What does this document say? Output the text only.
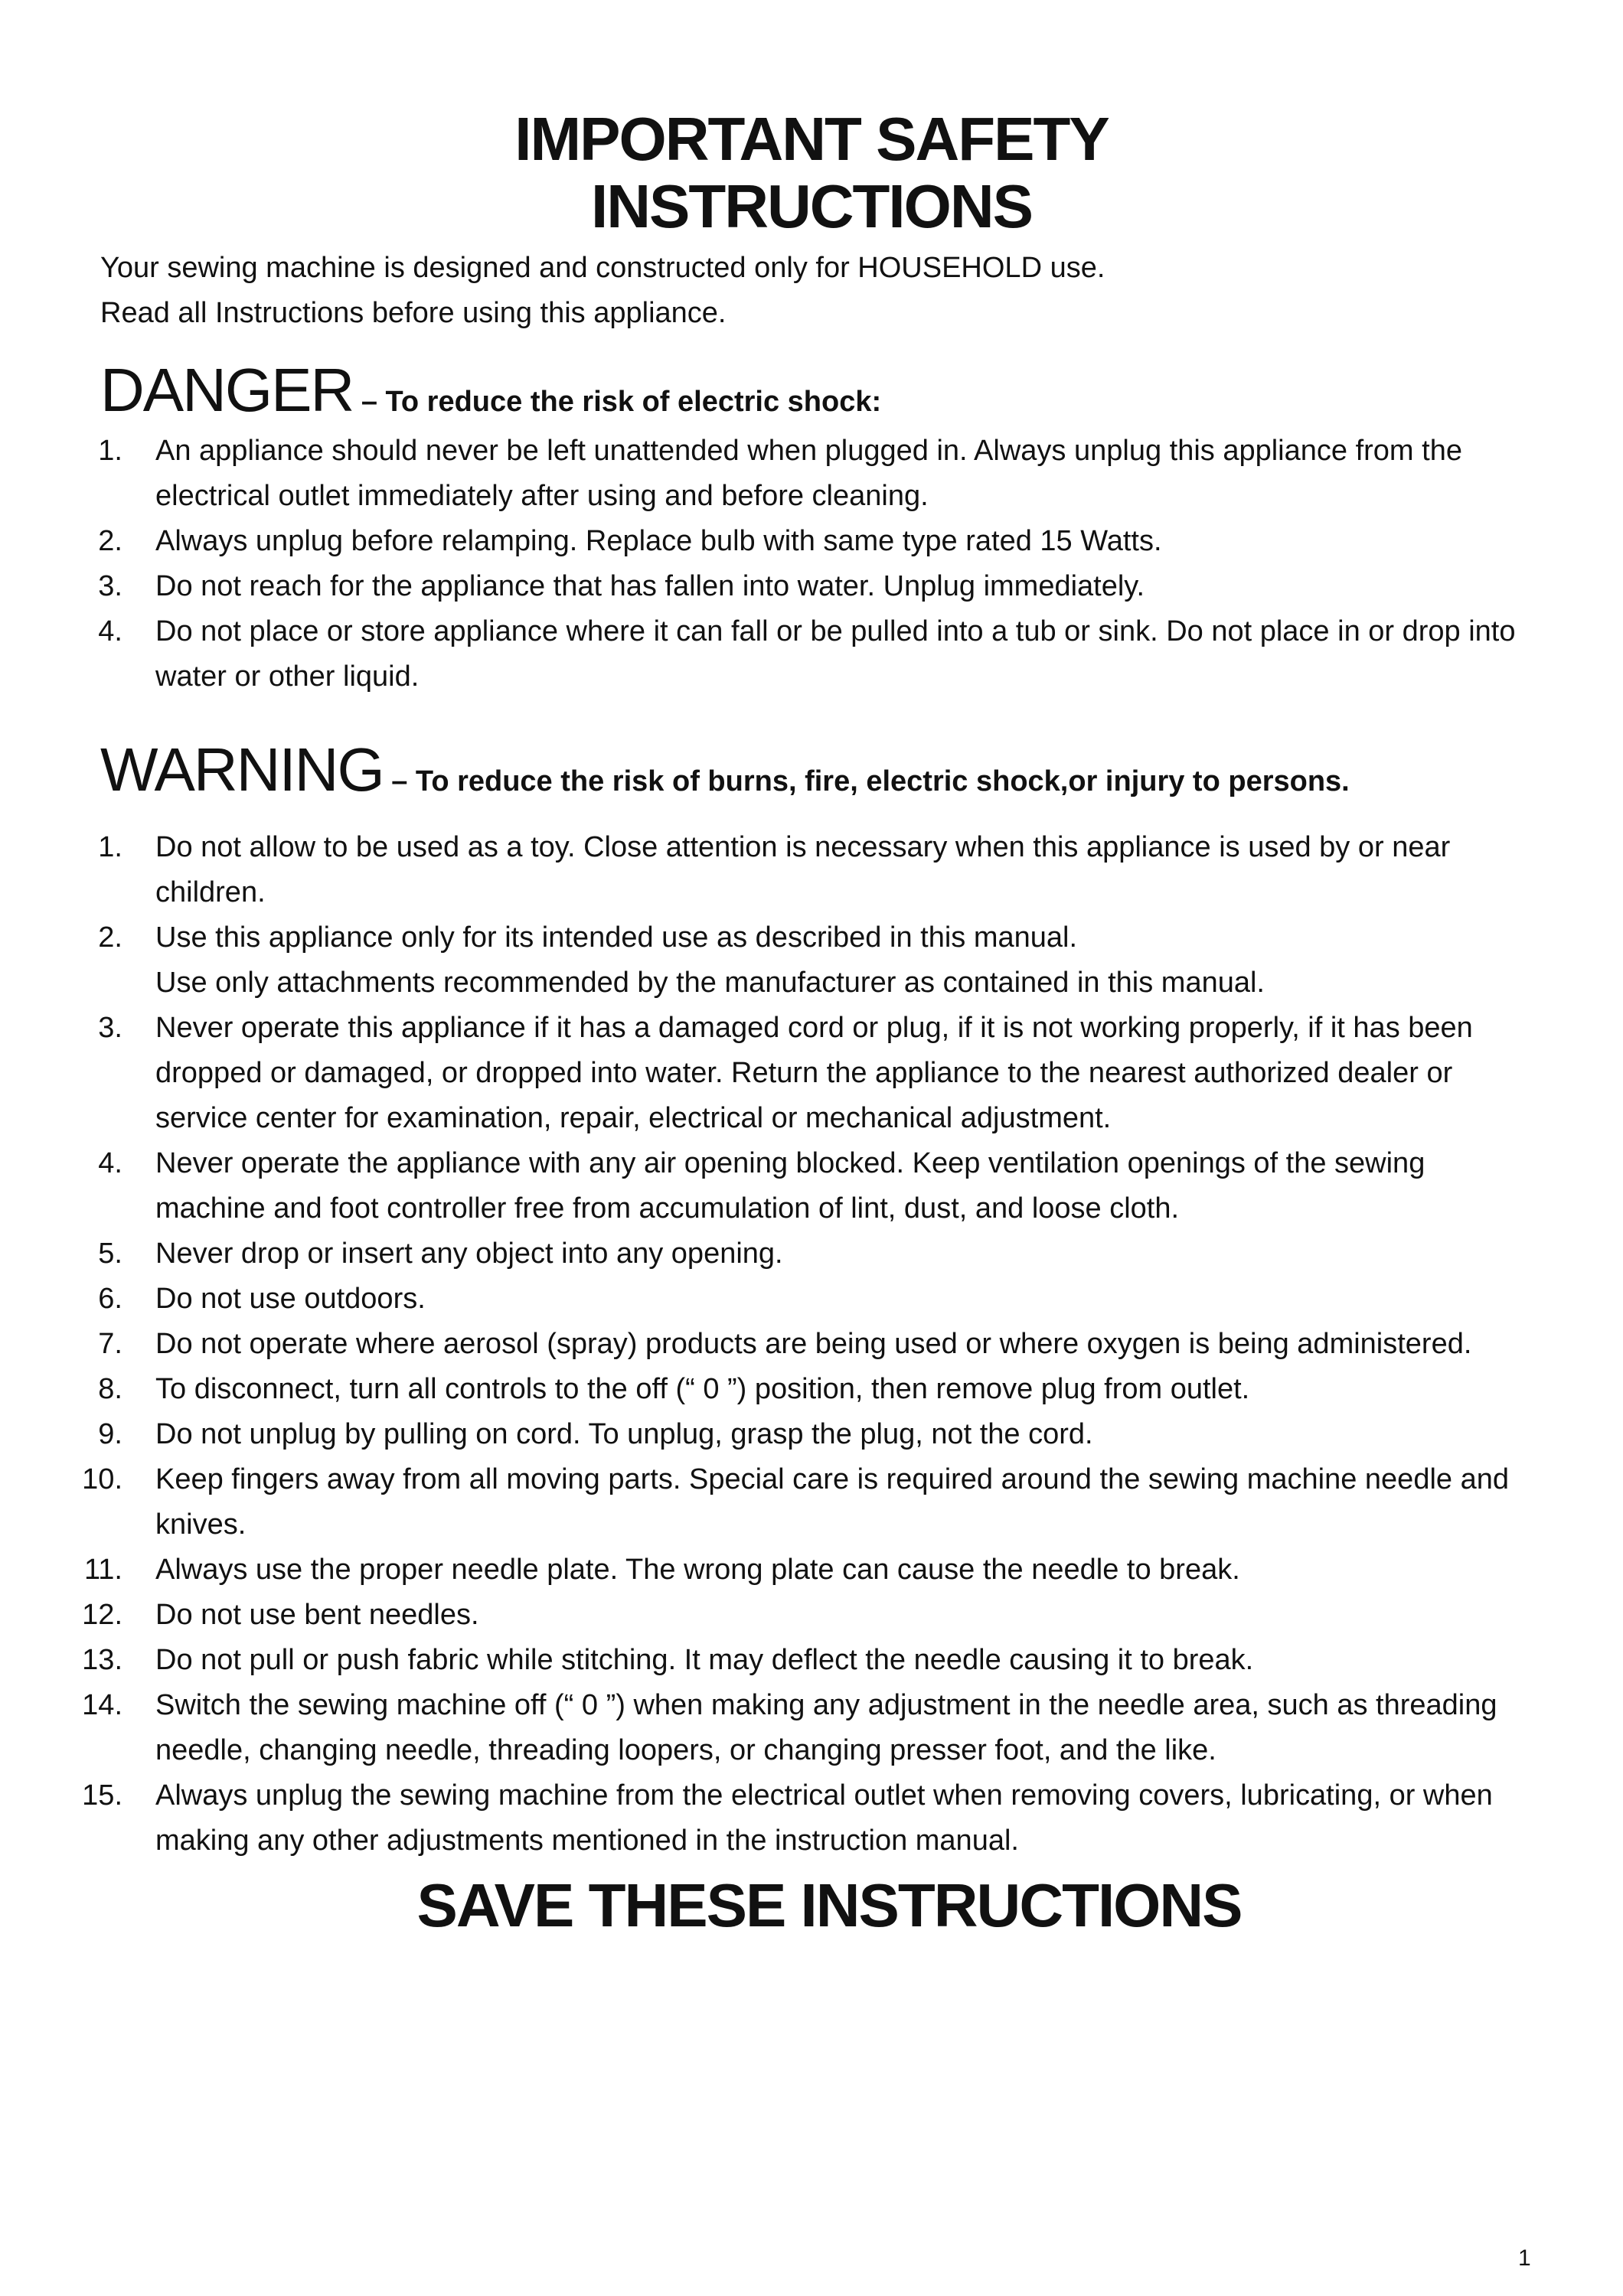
IMPORTANT SAFETY
INSTRUCTIONS

Your sewing machine is designed and constructed only for HOUSEHOLD use.

Read all Instructions before using this appliance.

DANGER – To reduce the risk of electric shock:
1. An appliance should never be left unattended when plugged in. Always unplug this appliance from the electrical outlet immediately after using and before cleaning.
2. Always unplug before relamping. Replace bulb with same type rated 15 Watts.
3. Do not reach for the appliance that has fallen into water. Unplug immediately.
4. Do not place or store appliance where it can fall or be pulled into a tub or sink. Do not place in or drop into water or other liquid.
WARNING – To reduce the risk of burns, fire, electric shock,or injury to persons.
1. Do not allow to be used as a toy. Close attention is necessary when this appliance is used by or near children.
2. Use this appliance only for its intended use as described in this manual.
Use only attachments recommended by the manufacturer as contained in this manual.
3. Never operate this appliance if it has a damaged cord or plug, if it is not working properly, if it has been dropped or damaged, or dropped into water. Return the appliance to the nearest authorized dealer or service center for examination, repair, electrical or mechanical adjustment.
4. Never operate the appliance with any air opening blocked. Keep ventilation openings of the sewing machine and foot controller free from accumulation of lint, dust, and loose cloth.
5. Never drop or insert any object into any opening.
6. Do not use outdoors.
7. Do not operate where aerosol (spray) products are being used or where oxygen is being administered.
8. To disconnect, turn all controls to the off (“ 0 ”) position, then remove plug from outlet.
9. Do not unplug by pulling on cord. To unplug, grasp the plug, not the cord.
10. Keep fingers away from all moving parts. Special care is required around the sewing machine needle and knives.
11. Always use the proper needle plate. The wrong plate can cause the needle to break.
12. Do not use bent needles.
13. Do not pull or push fabric while stitching. It may deflect the needle causing it to break.
14. Switch the sewing machine off (“ 0 ”) when making any adjustment in the needle area, such as threading needle, changing needle, threading loopers, or changing presser foot, and the like.
15. Always unplug the sewing machine from the electrical outlet when removing covers, lubricating, or when making any other adjustments mentioned in the instruction manual.
SAVE THESE INSTRUCTIONS
1
